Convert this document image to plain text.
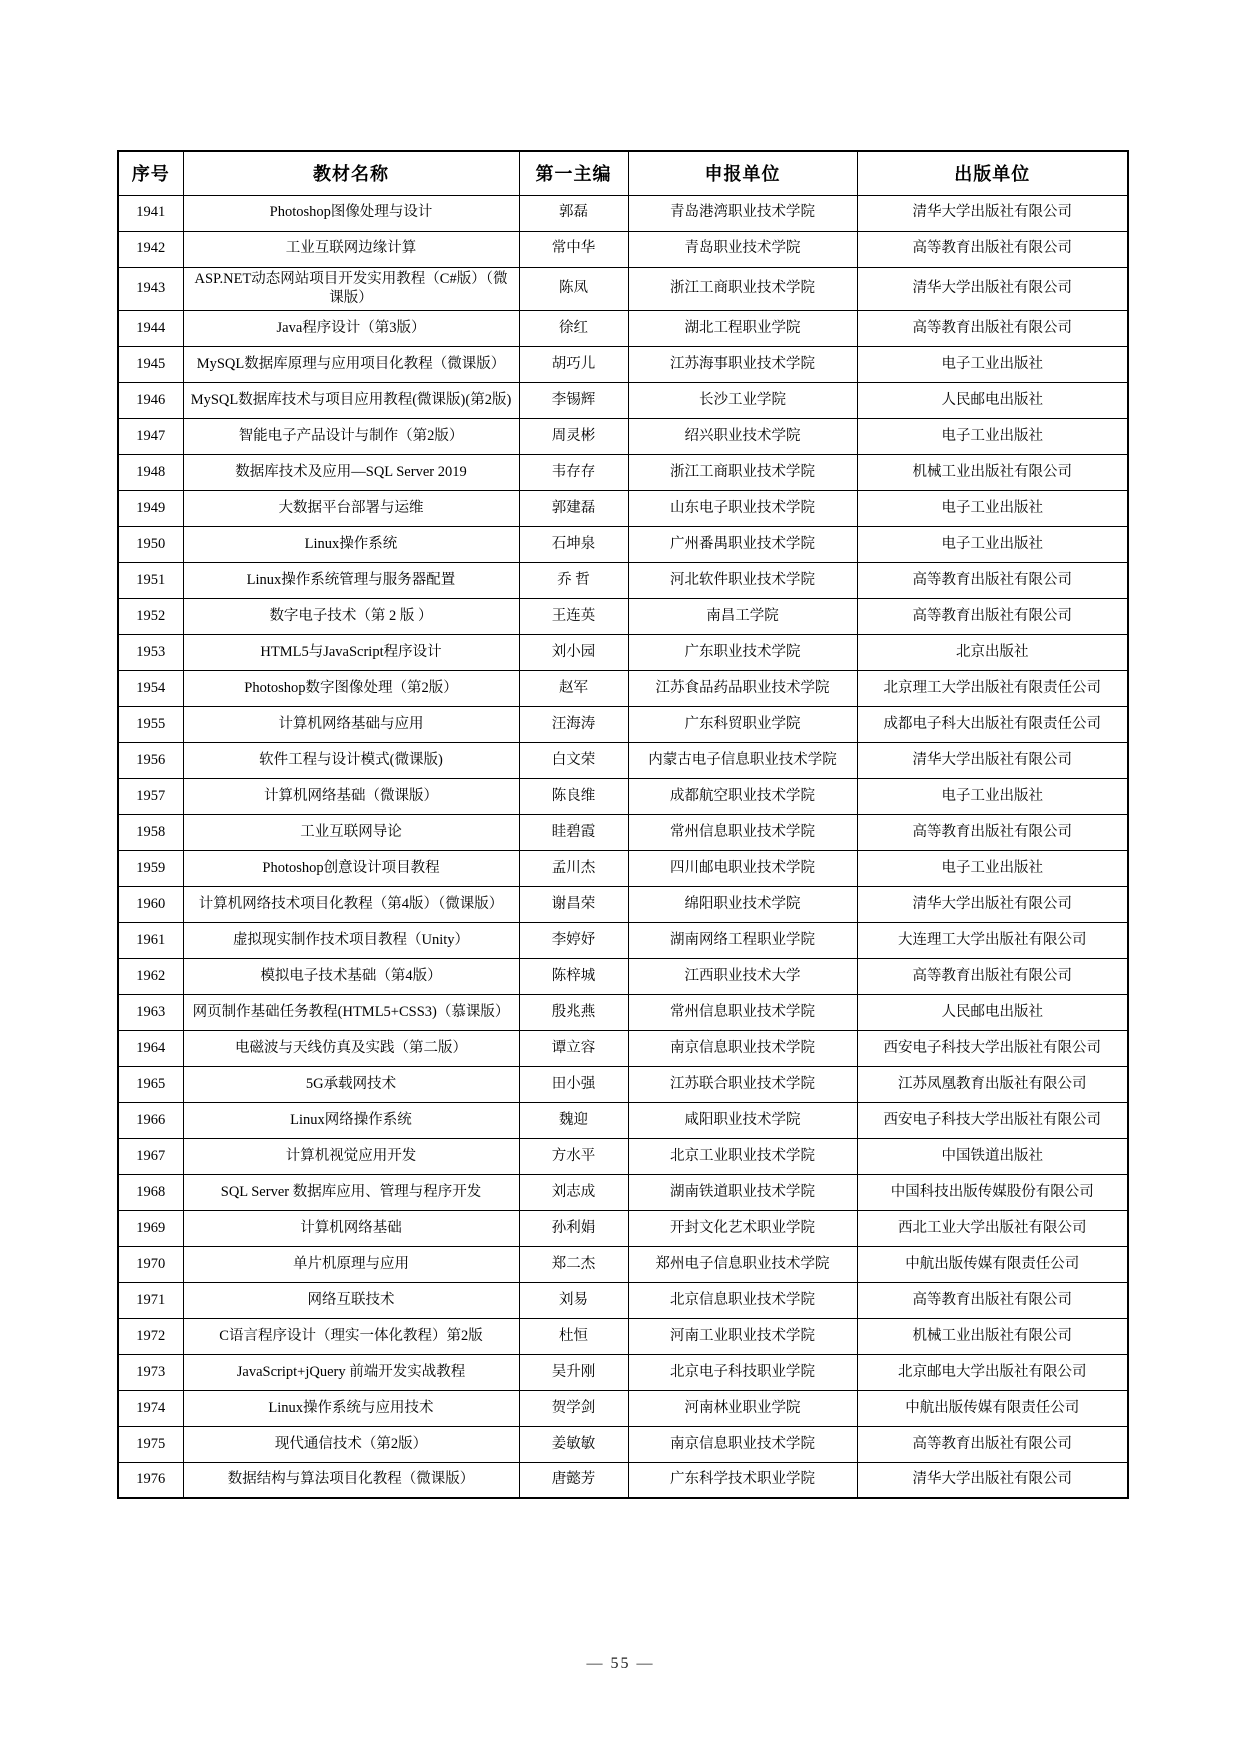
序号	教材名称	第一主编	申报单位	出版单位
1941	Photoshop图像处理与设计	郭磊	青岛港湾职业技术学院	清华大学出版社有限公司
1942	工业互联网边缘计算	常中华	青岛职业技术学院	高等教育出版社有限公司
1943	ASP.NET动态网站项目开发实用教程（C#版）（微课版）	陈凤	浙江工商职业技术学院	清华大学出版社有限公司
1944	Java程序设计（第3版）	徐红	湖北工程职业学院	高等教育出版社有限公司
1945	MySQL数据库原理与应用项目化教程（微课版）	胡巧儿	江苏海事职业技术学院	电子工业出版社
1946	MySQL数据库技术与项目应用教程(微课版)(第2版)	李锡辉	长沙工业学院	人民邮电出版社
1947	智能电子产品设计与制作（第2版）	周灵彬	绍兴职业技术学院	电子工业出版社
1948	数据库技术及应用—SQL Server 2019	韦存存	浙江工商职业技术学院	机械工业出版社有限公司
1949	大数据平台部署与运维	郭建磊	山东电子职业技术学院	电子工业出版社
1950	Linux操作系统	石坤泉	广州番禺职业技术学院	电子工业出版社
1951	Linux操作系统管理与服务器配置	乔 哲	河北软件职业技术学院	高等教育出版社有限公司
1952	数字电子技术（第 2 版 ）	王连英	南昌工学院	高等教育出版社有限公司
1953	HTML5与JavaScript程序设计	刘小园	广东职业技术学院	北京出版社
1954	Photoshop数字图像处理（第2版）	赵军	江苏食品药品职业技术学院	北京理工大学出版社有限责任公司
1955	计算机网络基础与应用	汪海涛	广东科贸职业学院	成都电子科大出版社有限责任公司
1956	软件工程与设计模式(微课版)	白文荣	内蒙古电子信息职业技术学院	清华大学出版社有限公司
1957	计算机网络基础（微课版）	陈良维	成都航空职业技术学院	电子工业出版社
1958	工业互联网导论	眭碧霞	常州信息职业技术学院	高等教育出版社有限公司
1959	Photoshop创意设计项目教程	孟川杰	四川邮电职业技术学院	电子工业出版社
1960	计算机网络技术项目化教程（第4版）（微课版）	谢昌荣	绵阳职业技术学院	清华大学出版社有限公司
1961	虚拟现实制作技术项目教程（Unity）	李婷妤	湖南网络工程职业学院	大连理工大学出版社有限公司
1962	模拟电子技术基础（第4版）	陈梓城	江西职业技术大学	高等教育出版社有限公司
1963	网页制作基础任务教程(HTML5+CSS3)（慕课版）	殷兆燕	常州信息职业技术学院	人民邮电出版社
1964	电磁波与天线仿真及实践（第二版）	谭立容	南京信息职业技术学院	西安电子科技大学出版社有限公司
1965	5G承载网技术	田小强	江苏联合职业技术学院	江苏凤凰教育出版社有限公司
1966	Linux网络操作系统	魏迎	咸阳职业技术学院	西安电子科技大学出版社有限公司
1967	计算机视觉应用开发	方水平	北京工业职业技术学院	中国铁道出版社
1968	SQL Server 数据库应用、管理与程序开发	刘志成	湖南铁道职业技术学院	中国科技出版传媒股份有限公司
1969	计算机网络基础	孙利娟	开封文化艺术职业学院	西北工业大学出版社有限公司
1970	单片机原理与应用	郑二杰	郑州电子信息职业技术学院	中航出版传媒有限责任公司
1971	网络互联技术	刘易	北京信息职业技术学院	高等教育出版社有限公司
1972	C语言程序设计（理实一体化教程）第2版	杜恒	河南工业职业技术学院	机械工业出版社有限公司
1973	JavaScript+jQuery 前端开发实战教程	吴升刚	北京电子科技职业学院	北京邮电大学出版社有限公司
1974	Linux操作系统与应用技术	贺学剑	河南林业职业学院	中航出版传媒有限责任公司
1975	现代通信技术（第2版）	姜敏敏	南京信息职业技术学院	高等教育出版社有限公司
1976	数据结构与算法项目化教程（微课版）	唐懿芳	广东科学技术职业学院	清华大学出版社有限公司
— 55 —
